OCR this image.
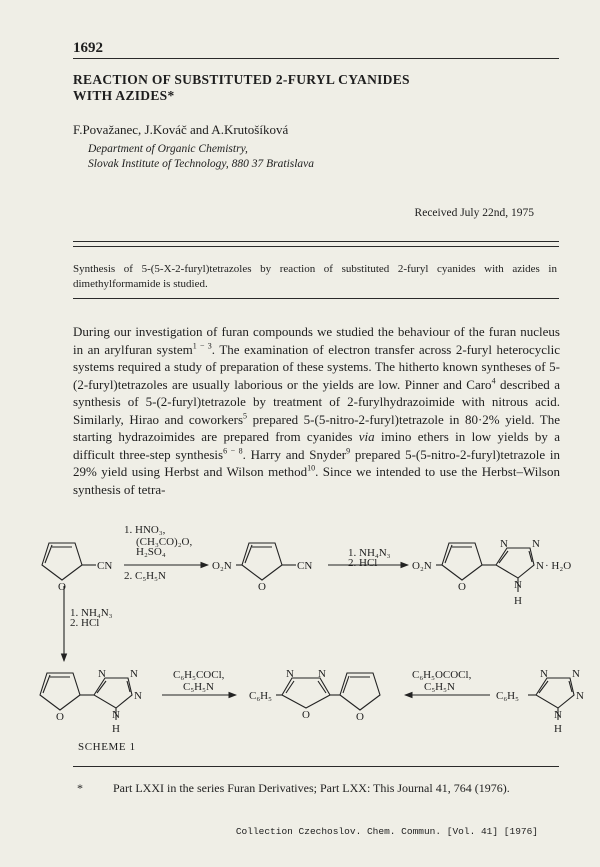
1692
REACTION OF SUBSTITUTED 2-FURYL CYANIDES
WITH AZIDES*
F.Považanec, J.Kováč and A.Krutošíková
Department of Organic Chemistry,
Slovak Institute of Technology, 880 37 Bratislava
Received July 22nd, 1975
Synthesis of 5-(5-X-2-furyl)tetrazoles by reaction of substituted 2-furyl cyanides with azides in dimethylformamide is studied.
During our investigation of furan compounds we studied the behaviour of the furan nucleus in an arylfuran system$^{1 - 3}$. The examination of electron transfer across 2-furyl heterocyclic systems required a study of preparation of these systems. The hitherto known syntheses of 5-(2-furyl)tetrazoles are usually laborious or the yields are low. Pinner and Caro$^4$ described a synthesis of 5-(2-furyl)tetrazole by treatment of 2-furylhydrazoimide with nitrous acid. Similarly, Hirao and coworkers$^5$ prepared 5-(5-nitro-2-furyl)tetrazole in 80·2% yield. The starting hydrazoimides are prepared from cyanides via imino ethers in low yields by a difficult three-step synthesis$^{6 - 8}$. Harry and Snyder$^9$ prepared 5-(5-nitro-2-furyl)tetrazole in 29% yield using Herbst and Wilson method$^{10}$. Since we intended to use the Herbst–Wilson synthesis of tetra-
1. HNO₃,
(CH₃CO)₂O,
H₂SO₄
2. C₅H₅N
1. NH₄N₃
2. HCl
1. NH₄N₃
2. HCl
C₆H₅COCl,
C₅H₅N
C₆H₅OCOCl,
C₅H₅N
O
CN	O₂N
O
CN	O₂N
O
N N
N
N
H
· H₂O
O
N N
N
N
H
C₆H₅
N N
O	O
C₆H₅
N N
N
N
H
SCHEME 1
*	Part LXXI in the series Furan Derivatives; Part LXX: This Journal 41, 764 (1976).
Collection Czechoslov. Chem. Commun. [Vol. 41] [1976]
